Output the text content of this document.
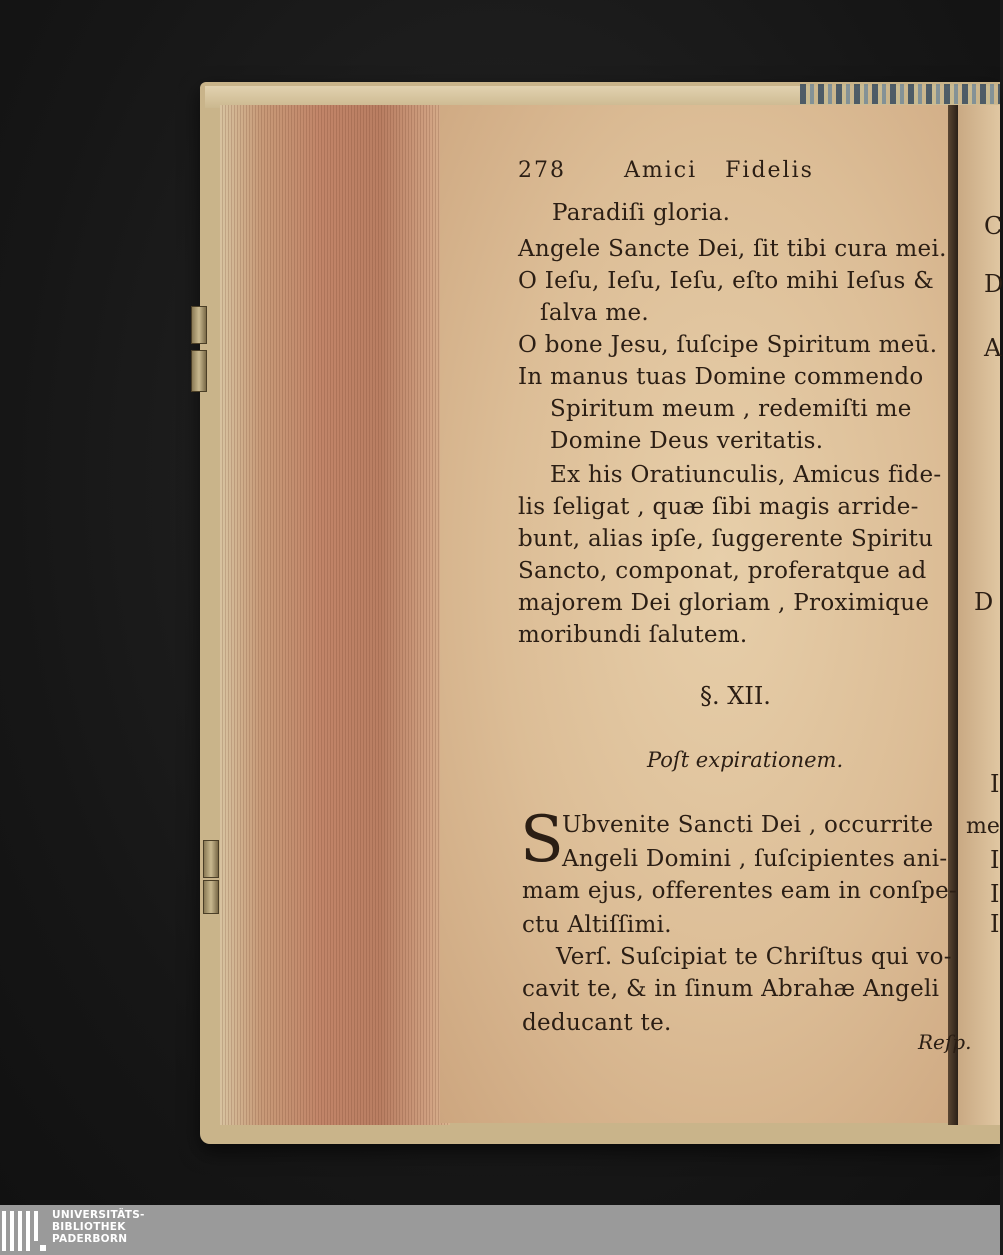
278	Amici Fidelis
Paradiſi gloria.
Angele Sancte Dei, ſit tibi cura mei.
O Ieſu, Ieſu, Ieſu, eſto mihi Ieſus &
ſalva me.
O bone Jesu, ſuſcipe Spiritum meū.
In manus tuas Domine commendo
Spiritum meum , redemiſti me
Domine Deus veritatis.
Ex his Oratiunculis, Amicus fide-
lis ſeligat , quæ ſibi magis arride-
bunt, alias ipſe, ſuggerente Spiritu
Sancto, componat, proferatque ad
majorem Dei gloriam , Proximique
moribundi ſalutem.
§. XII.
Poſt expirationem.
S
Ubvenite Sancti Dei , occurrite
Angeli Domini , ſuſcipientes ani-
mam ejus, offerentes eam in conſpe-
ctu Altiſſimi.
Verſ. Suſcipiat te Chriſtus qui vo-
cavit te, & in ſinum Abrahæ Angeli
deducant te.
Reſp.
C
D
A
D
I
me
I
I
I
UNIVERSITÄTS-
BIBLIOTHEK
PADERBORN
